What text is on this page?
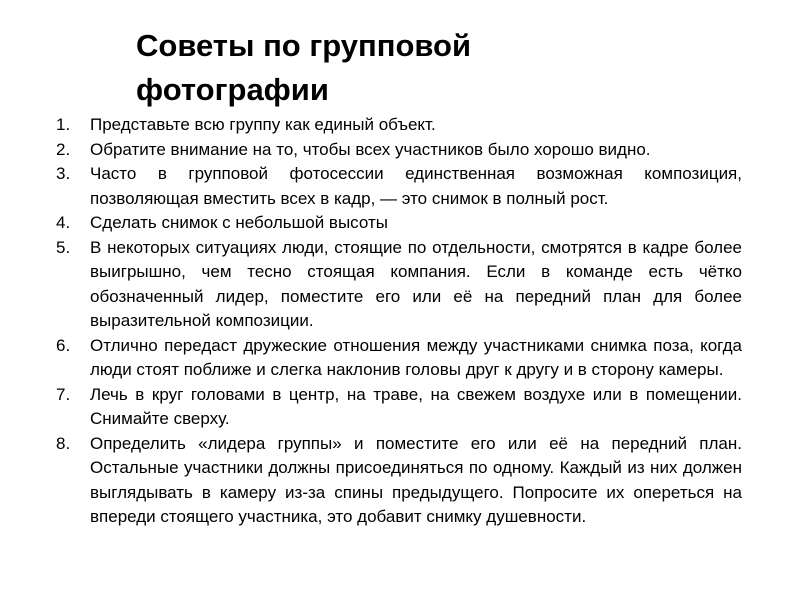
Советы по групповой
фотографии
1. Представьте всю группу как единый объект.
2. Обратите внимание на то, чтобы всех участников было хорошо видно.
3. Часто в групповой фотосессии единственная возможная композиция, позволяющая вместить всех в кадр, — это снимок в полный рост.
4. Сделать снимок с небольшой высоты
5. В некоторых ситуациях люди, стоящие по отдельности, смотрятся в кадре более выигрышно, чем тесно стоящая компания. Если в команде есть чётко обозначенный лидер, поместите его или её на передний план для более выразительной композиции.
6. Отлично передаст дружеские отношения между участниками снимка поза, когда люди стоят поближе и слегка наклонив головы друг к другу и в сторону камеры.
7. Лечь в круг головами в центр, на траве, на свежем воздухе или в помещении. Снимайте сверху.
8. Определить «лидера группы» и поместите его или её на передний план. Остальные участники должны присоединяться по одному. Каждый из них должен выглядывать в камеру из-за спины предыдущего. Попросите их опереться на впереди стоящего участника, это добавит снимку душевности.
